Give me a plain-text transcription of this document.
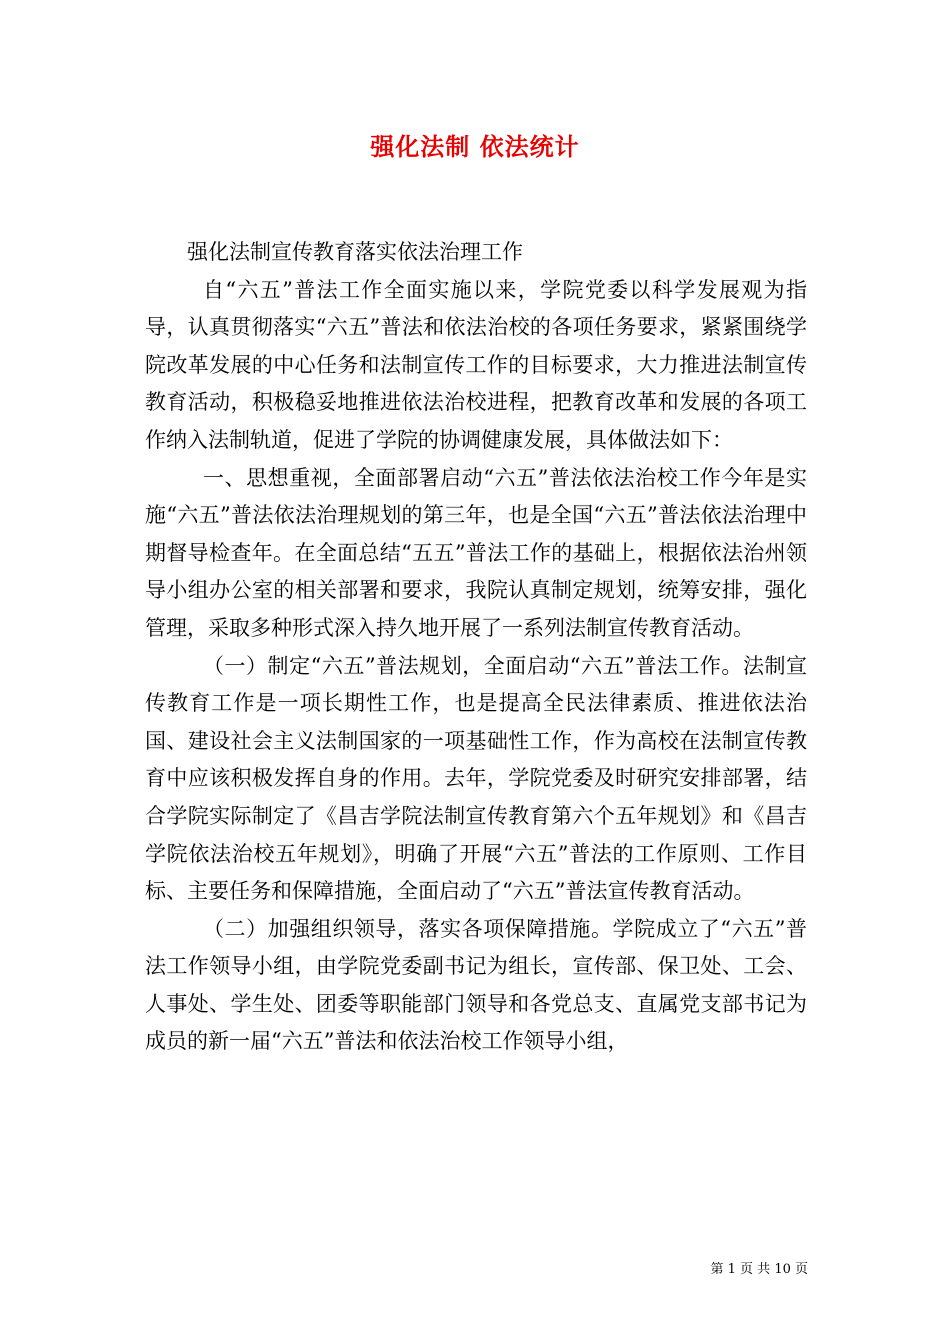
强化法制 依法统计

强化法制宣传教育落实依法治理工作

自“六五”普法工作全面实施以来，学院党委以科学发展观为指导，认真贯彻落实“六五”普法和依法治校的各项任务要求，紧紧围绕学院改革发展的中心任务和法制宣传工作的目标要求，大力推进法制宣传教育活动，积极稳妥地推进依法治校进程，把教育改革和发展的各项工作纳入法制轨道，促进了学院的协调健康发展，具体做法如下：

一、思想重视，全面部署启动“六五”普法依法治校工作今年是实施“六五”普法依法治理规划的第三年，也是全国“六五”普法依法治理中期督导检查年。在全面总结“五五”普法工作的基础上，根据依法治州领导小组办公室的相关部署和要求，我院认真制定规划，统筹安排，强化管理，采取多种形式深入持久地开展了一系列法制宣传教育活动。

（一）制定“六五”普法规划，全面启动“六五”普法工作。法制宣传教育工作是一项长期性工作，也是提高全民法律素质、推进依法治国、建设社会主义法制国家的一项基础性工作，作为高校在法制宣传教育中应该积极发挥自身的作用。去年，学院党委及时研究安排部署，结合学院实际制定了《昌吉学院法制宣传教育第六个五年规划》和《昌吉学院依法治校五年规划》，明确了开展“六五”普法的工作原则、工作目标、主要任务和保障措施，全面启动了“六五”普法宣传教育活动。

（二）加强组织领导，落实各项保障措施。学院成立了“六五”普法工作领导小组，由学院党委副书记为组长，宣传部、保卫处、工会、人事处、学生处、团委等职能部门领导和各党总支、直属党支部书记为成员的新一届“六五”普法和依法治校工作领导小组，

第 1 页 共 10 页
